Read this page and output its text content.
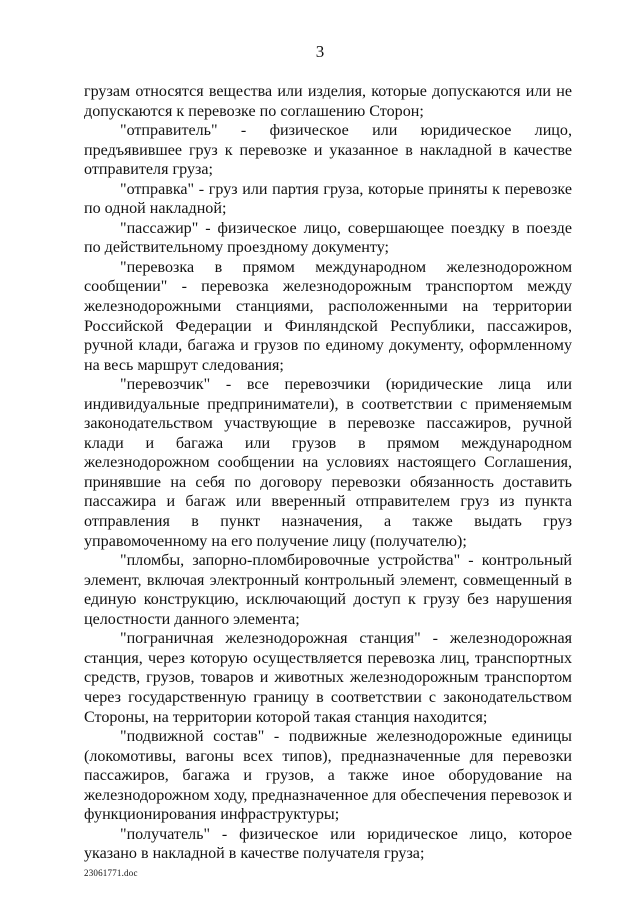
3

грузам относятся вещества или изделия, которые допускаются или не допускаются к перевозке по соглашению Сторон;

"отправитель" - физическое или юридическое лицо, предъявившее груз к перевозке и указанное в накладной в качестве отправителя груза;

"отправка" - груз или партия груза, которые приняты к перевозке по одной накладной;

"пассажир" - физическое лицо, совершающее поездку в поезде по действительному проездному документу;

"перевозка в прямом международном железнодорожном сообщении" - перевозка железнодорожным транспортом между железнодорожными станциями, расположенными на территории Российской Федерации и Финляндской Республики, пассажиров, ручной клади, багажа и грузов по единому документу, оформленному на весь маршрут следования;

"перевозчик" - все перевозчики (юридические лица или индивидуальные предприниматели), в соответствии с применяемым законодательством участвующие в перевозке пассажиров, ручной клади и багажа или грузов в прямом международном железнодорожном сообщении на условиях настоящего Соглашения, принявшие на себя по договору перевозки обязанность доставить пассажира и багаж или вверенный отправителем груз из пункта отправления в пункт назначения, а также выдать груз управомоченному на его получение лицу (получателю);

"пломбы, запорно-пломбировочные устройства" - контрольный элемент, включая электронный контрольный элемент, совмещенный в единую конструкцию, исключающий доступ к грузу без нарушения целостности данного элемента;

"пограничная железнодорожная станция" - железнодорожная станция, через которую осуществляется перевозка лиц, транспортных средств, грузов, товаров и животных железнодорожным транспортом через государственную границу в соответствии с законодательством Стороны, на территории которой такая станция находится;

"подвижной состав" - подвижные железнодорожные единицы (локомотивы, вагоны всех типов), предназначенные для перевозки пассажиров, багажа и грузов, а также иное оборудование на железнодорожном ходу, предназначенное для обеспечения перевозок и функционирования инфраструктуры;

"получатель" - физическое или юридическое лицо, которое указано в накладной в качестве получателя груза;

23061771.doc
